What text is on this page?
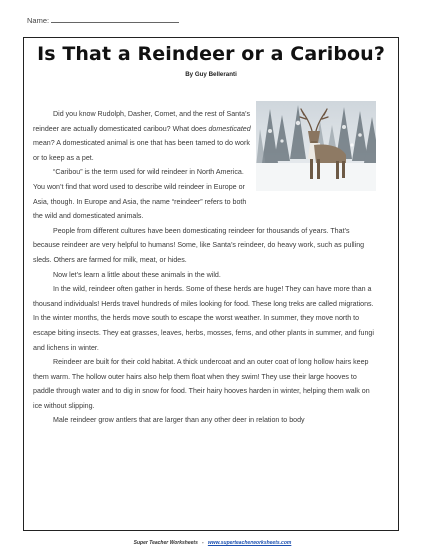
Name:
Is That a Reindeer or a Caribou?
By Guy Belleranti

Did you know Rudolph, Dasher, Comet, and the rest of Santa’s reindeer are actually domesticated caribou? What does domesticated mean? A domesticated animal is one that has been tamed to do work or to keep as a pet.

“Caribou” is the term used for wild reindeer in North America. You won’t find that word used to describe wild reindeer in Europe or Asia, though. In Europe and Asia, the name “reindeer” refers to both the wild and domesticated animals.

People from different cultures have been domesticating reindeer for thousands of years. That’s because reindeer are very helpful to humans! Some, like Santa’s reindeer, do heavy work, such as pulling sleds. Others are farmed for milk, meat, or hides.

Now let’s learn a little about these animals in the wild.

In the wild, reindeer often gather in herds. Some of these herds are huge! They can have more than a thousand individuals! Herds travel hundreds of miles looking for food. These long treks are called migrations. In the winter months, the herds move south to escape the worst weather. In summer, they move north to escape biting insects. They eat grasses, leaves, herbs, mosses, ferns, and other plants in summer, and fungi and lichens in winter.

Reindeer are built for their cold habitat. A thick undercoat and an outer coat of long hollow hairs keep them warm. The hollow outer hairs also help them float when they swim! They use their large hooves to paddle through water and to dig in snow for food. Their hairy hooves harden in winter, helping them walk on ice without slipping.

Male reindeer grow antlers that are larger than any other deer in relation to body

Super Teacher Worksheets - www.superteacherworksheets.com
